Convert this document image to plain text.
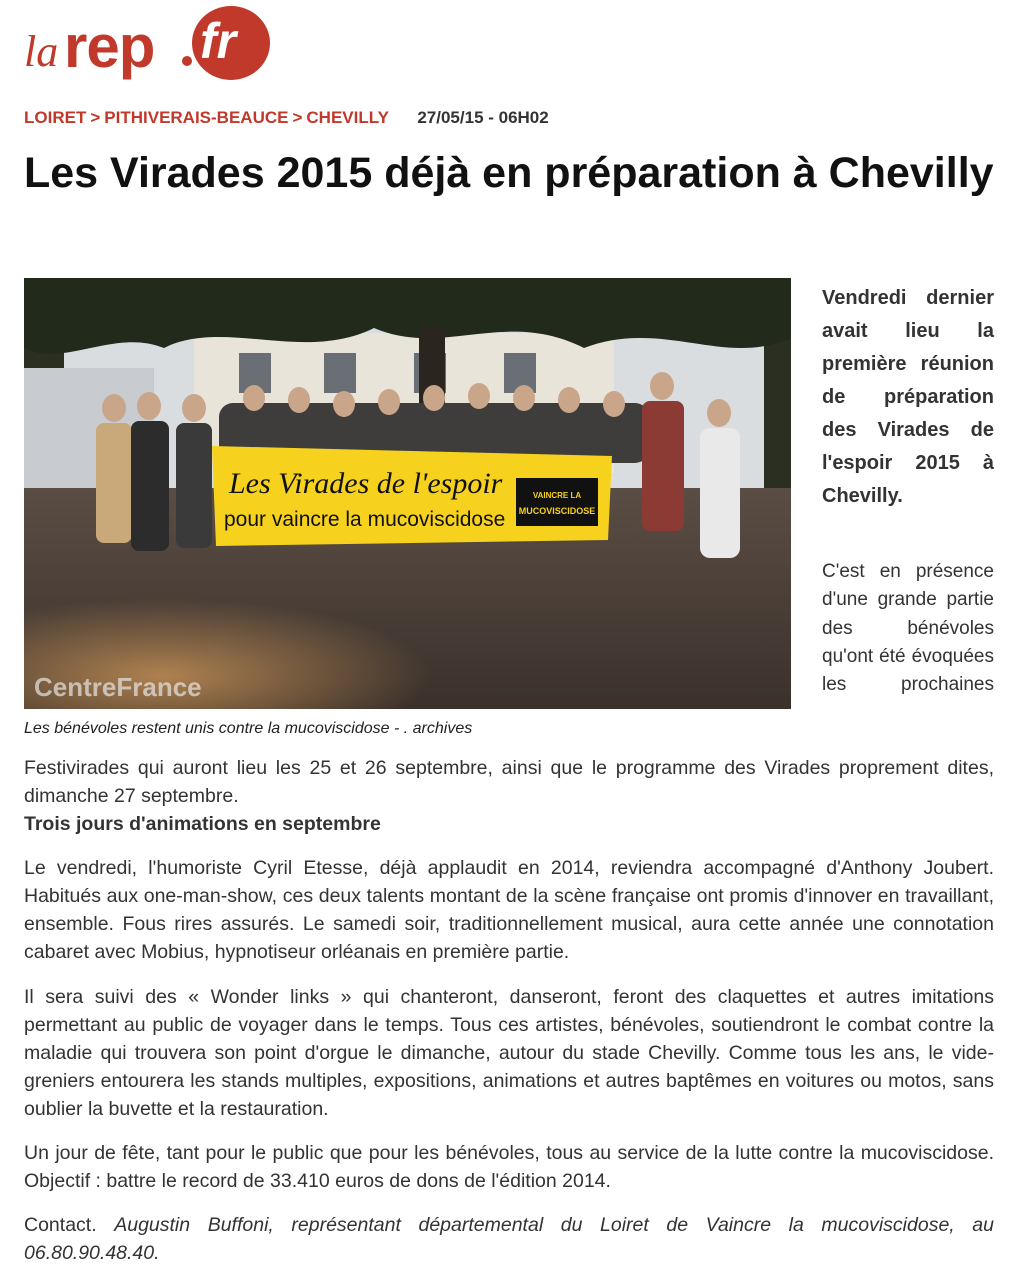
la rep fr
LOIRET > PITHIVERAIS-BEAUCE > CHEVILLY 27/05/15 - 06H02
Les Virades 2015 déjà en préparation à Chevilly
Les Virades de l'espoir
pour vaincre la mucoviscidose
VAINCRE LA
MUCOVISCIDOSE
CentreFrance
Les bénévoles restent unis contre la mucoviscidose - . archives

Vendredi dernier avait lieu la première réunion de préparation des Virades de l'espoir 2015 à Chevilly.

C'est en présence d'une grande partie des bénévoles qu'ont été évoquées les prochaines

Festivirades qui auront lieu les 25 et 26 septembre, ainsi que le programme des Virades proprement dites, dimanche 27 septembre.

Trois jours d'animations en septembre

Le vendredi, l'humoriste Cyril Etesse, déjà applaudit en 2014, reviendra accompagné d'Anthony Joubert. Habitués aux one-man-show, ces deux talents montant de la scène française ont promis d'innover en travaillant, ensemble. Fous rires assurés. Le samedi soir, traditionnellement musical, aura cette année une connotation cabaret avec Mobius, hypnotiseur orléanais en première partie.

Il sera suivi des « Wonder links » qui chanteront, danseront, feront des claquettes et autres imitations permettant au public de voyager dans le temps. Tous ces artistes, bénévoles, soutiendront le combat contre la maladie qui trouvera son point d'orgue le dimanche, autour du stade Chevilly. Comme tous les ans, le vide-greniers entourera les stands multiples, expositions, animations et autres baptêmes en voitures ou motos, sans oublier la buvette et la restauration.

Un jour de fête, tant pour le public que pour les bénévoles, tous au service de la lutte contre la mucoviscidose. Objectif : battre le record de 33.410 euros de dons de l'édition 2014.

Contact. Augustin Buffoni, représentant départemental du Loiret de Vaincre la mucoviscidose, au 06.80.90.48.40.
